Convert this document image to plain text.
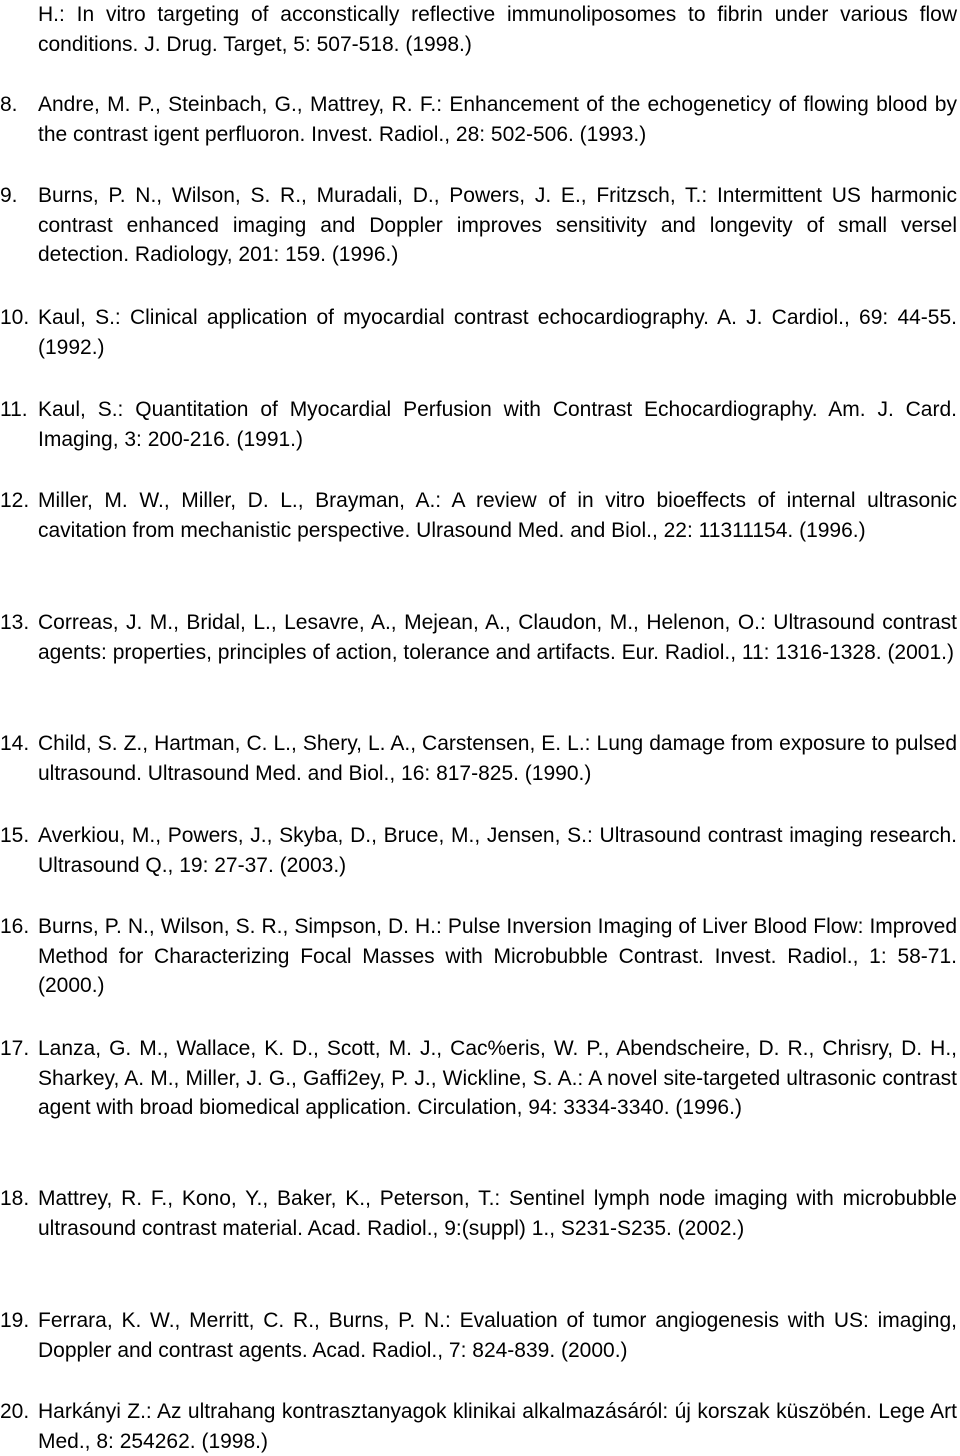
H.: In vitro targeting of acconstically reflective immunoliposomes to fibrin under various flow conditions. J. Drug. Target, 5: 507-518. (1998.)
8. Andre, M. P., Steinbach, G., Mattrey, R. F.: Enhancement of the echogeneticy of flowing blood by the contrast igent perfluoron. Invest. Radiol., 28: 502-506. (1993.)
9. Burns, P. N., Wilson, S. R., Muradali, D., Powers, J. E., Fritzsch, T.: Intermittent US harmonic contrast enhanced imaging and Doppler improves sensitivity and longevity of small versel detection. Radiology, 201: 159. (1996.)
10. Kaul, S.: Clinical application of myocardial contrast echocardiography. A. J. Cardiol., 69: 44-55. (1992.)
11. Kaul, S.: Quantitation of Myocardial Perfusion with Contrast Echocardiography. Am. J. Card. Imaging, 3: 200-216. (1991.)
12. Miller, M. W., Miller, D. L., Brayman, A.: A review of in vitro bioeffects of internal ultrasonic cavitation from mechanistic perspective. Ulrasound Med. and Biol., 22: 11311154. (1996.)
13. Correas, J. M., Bridal, L., Lesavre, A., Mejean, A., Claudon, M., Helenon, O.: Ultrasound contrast agents: properties, principles of action, tolerance and artifacts. Eur. Radiol., 11: 1316-1328. (2001.)
14. Child, S. Z., Hartman, C. L., Shery, L. A., Carstensen, E. L.: Lung damage from exposure to pulsed ultrasound. Ultrasound Med. and Biol., 16: 817-825. (1990.)
15. Averkiou, M., Powers, J., Skyba, D., Bruce, M., Jensen, S.: Ultrasound contrast imaging research. Ultrasound Q., 19: 27-37. (2003.)
16. Burns, P. N., Wilson, S. R., Simpson, D. H.: Pulse Inversion Imaging of Liver Blood Flow: Improved Method for Characterizing Focal Masses with Microbubble Contrast. Invest. Radiol., 1: 58-71. (2000.)
17. Lanza, G. M., Wallace, K. D., Scott, M. J., Cac%eris, W. P., Abendscheire, D. R., Chrisry, D. H., Sharkey, A. M., Miller, J. G., Gaffi2ey, P. J., Wickline, S. A.: A novel site-targeted ultrasonic contrast agent with broad biomedical application. Circulation, 94: 3334-3340. (1996.)
18. Mattrey, R. F., Kono, Y., Baker, K., Peterson, T.: Sentinel lymph node imaging with microbubble ultrasound contrast material. Acad. Radiol., 9:(suppl) 1., S231-S235. (2002.)
19. Ferrara, K. W., Merritt, C. R., Burns, P. N.: Evaluation of tumor angiogenesis with US: imaging, Doppler and contrast agents. Acad. Radiol., 7: 824-839. (2000.)
20. Harkányi Z.: Az ultrahang kontrasztanyagok klinikai alkalmazásáról: új korszak küszöbén. Lege Art Med., 8: 254262. (1998.)
